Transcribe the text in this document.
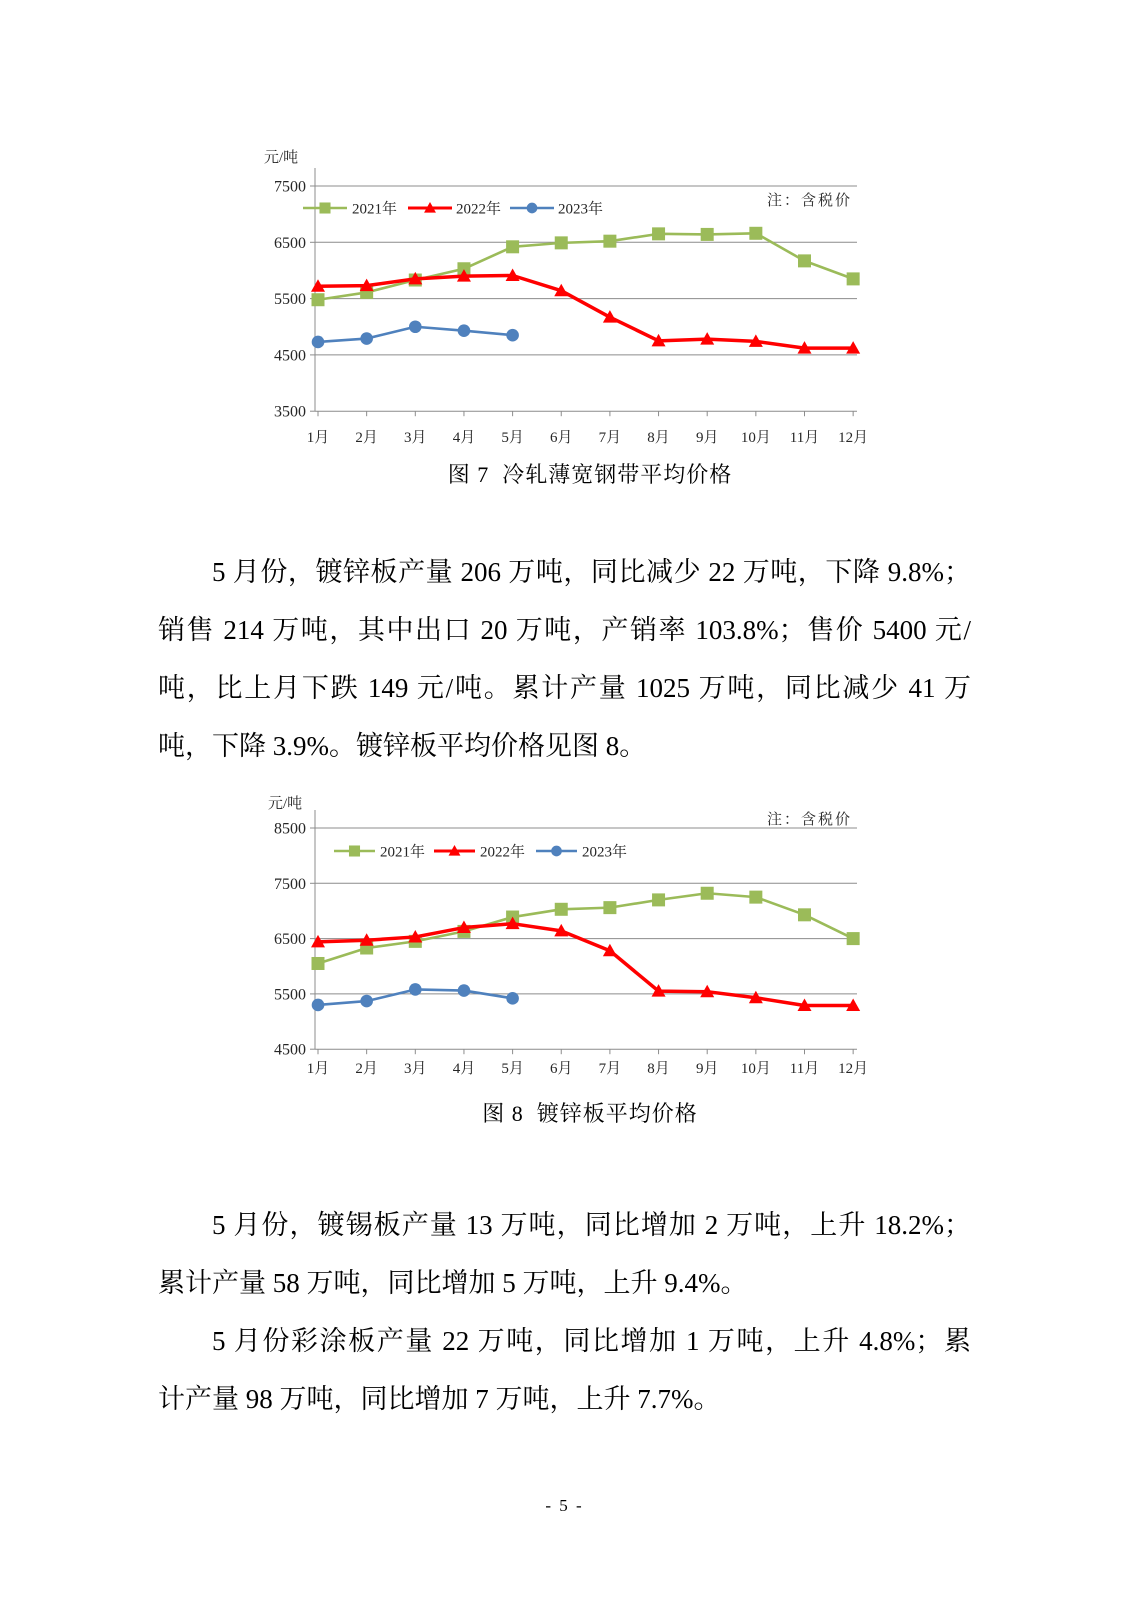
7500
6500
5500
4500
3500
1月 2月 3月 4月 5月 6月 7月 8月 9月 10月 11月 12月
2021年	2022年	2023年
注：含税价
元/吨
图 7  冷轧薄宽钢带平均价格
5 月份，镀锌板产量 206 万吨，同比减少 22 万吨，下降 9.8%；
销售 214 万吨，其中出口 20 万吨，产销率 103.8%；售价 5400 元/
吨，比上月下跌 149 元/吨。累计产量 1025 万吨，同比减少 41 万
吨，下降 3.9%。镀锌板平均价格见图 8。
8500
7500
6500
5500
4500
1月 2月 3月 4月 5月 6月 7月 8月 9月 10月 11月 12月
2021年	2022年	2023年
注：含税价
元/吨
图 8  镀锌板平均价格
5 月份，镀锡板产量 13 万吨，同比增加 2 万吨，上升 18.2%；
累计产量 58 万吨，同比增加 5 万吨，上升 9.4%。
5 月份彩涂板产量 22 万吨，同比增加 1 万吨，上升 4.8%；累
计产量 98 万吨，同比增加 7 万吨，上升 7.7%。
- 5 -
